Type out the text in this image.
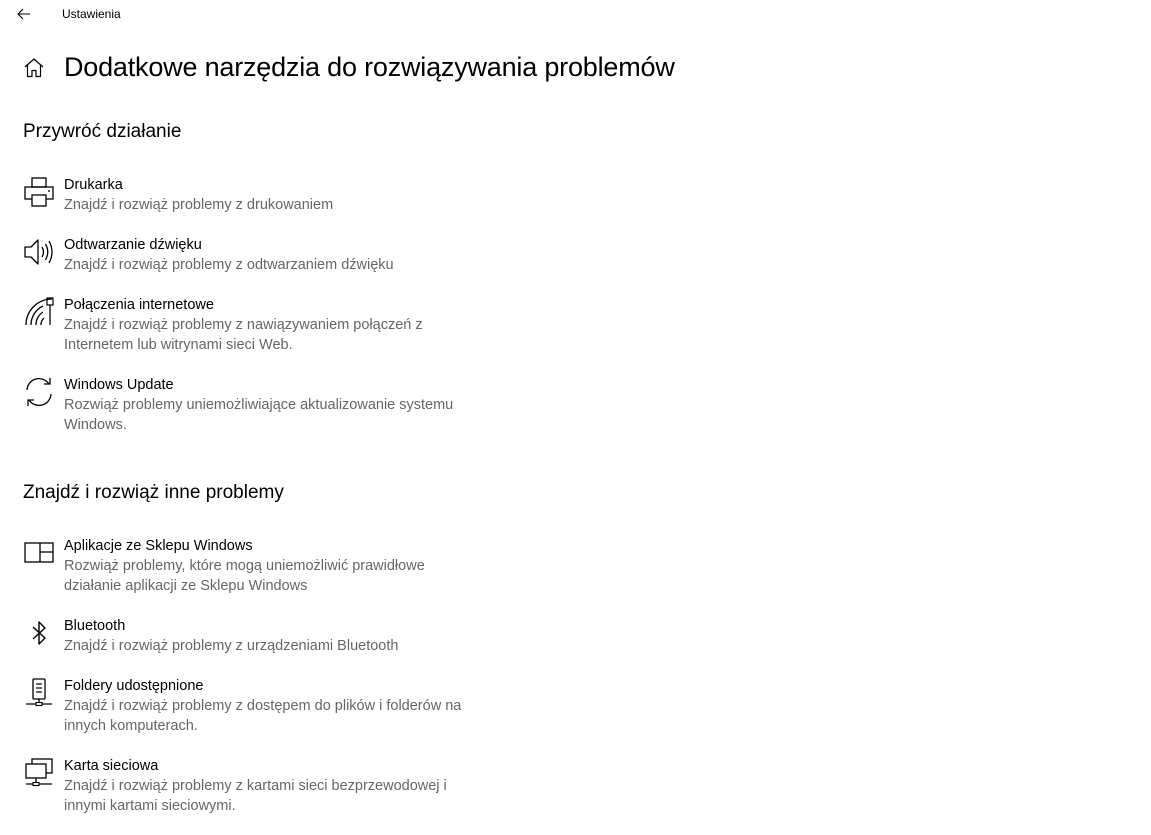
Ustawienia
Dodatkowe narzędzia do rozwiązywania problemów
Przywróć działanie
Drukarka
Znajdź i rozwiąż problemy z drukowaniem
Odtwarzanie dźwięku
Znajdź i rozwiąż problemy z odtwarzaniem dźwięku
Połączenia internetowe
Znajdź i rozwiąż problemy z nawiązywaniem połączeń z Internetem lub witrynami sieci Web.
Windows Update
Rozwiąż problemy uniemożliwiające aktualizowanie systemu Windows.
Znajdź i rozwiąż inne problemy
Aplikacje ze Sklepu Windows
Rozwiąż problemy, które mogą uniemożliwić prawidłowe działanie aplikacji ze Sklepu Windows
Bluetooth
Znajdź i rozwiąż problemy z urządzeniami Bluetooth
Foldery udostępnione
Znajdź i rozwiąż problemy z dostępem do plików i folderów na innych komputerach.
Karta sieciowa
Znajdź i rozwiąż problemy z kartami sieci bezprzewodowej i innymi kartami sieciowymi.
